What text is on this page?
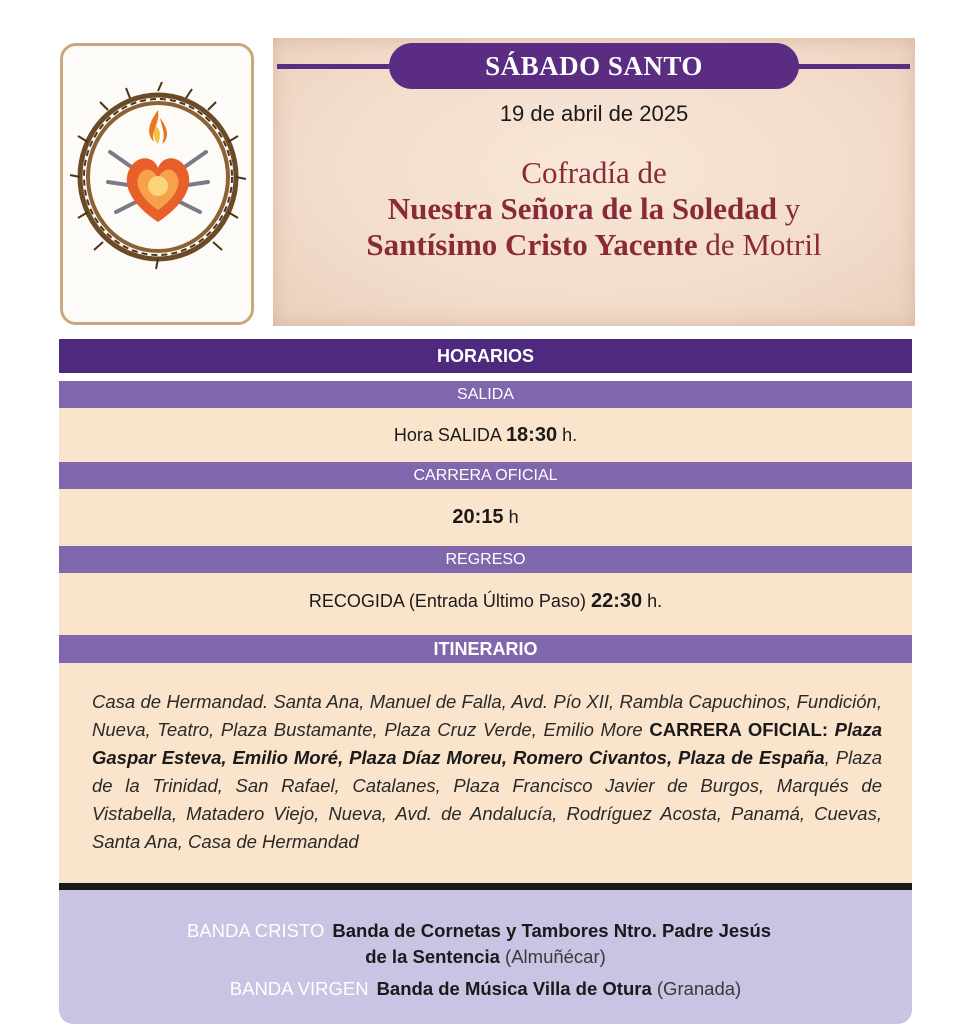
SÁBADO SANTO
19 de abril de 2025
Cofradía de
Nuestra Señora de la Soledad y
Santísimo Cristo Yacente de Motril
HORARIOS
SALIDA
Hora SALIDA 18:30 h.
CARRERA OFICIAL
20:15 h
REGRESO
RECOGIDA (Entrada Último Paso) 22:30 h.
ITINERARIO
Casa de Hermandad. Santa Ana, Manuel de Falla, Avd. Pío XII, Rambla Capuchinos, Fundición, Nueva, Teatro, Plaza Bustamante, Plaza Cruz Verde, Emilio More CARRERA OFICIAL: Plaza Gaspar Esteva, Emilio Moré, Plaza Díaz Moreu, Romero Civantos, Plaza de España, Plaza de la Trinidad, San Rafael, Catalanes, Plaza Francisco Javier de Burgos, Marqués de Vistabella, Matadero Viejo, Nueva, Avd. de Andalucía, Rodríguez Acosta, Panamá, Cuevas, Santa Ana, Casa de Hermandad
BANDA CRISTO Banda de Cornetas y Tambores Ntro. Padre Jesús
de la Sentencia (Almuñécar)
BANDA VIRGEN Banda de Música Villa de Otura (Granada)
